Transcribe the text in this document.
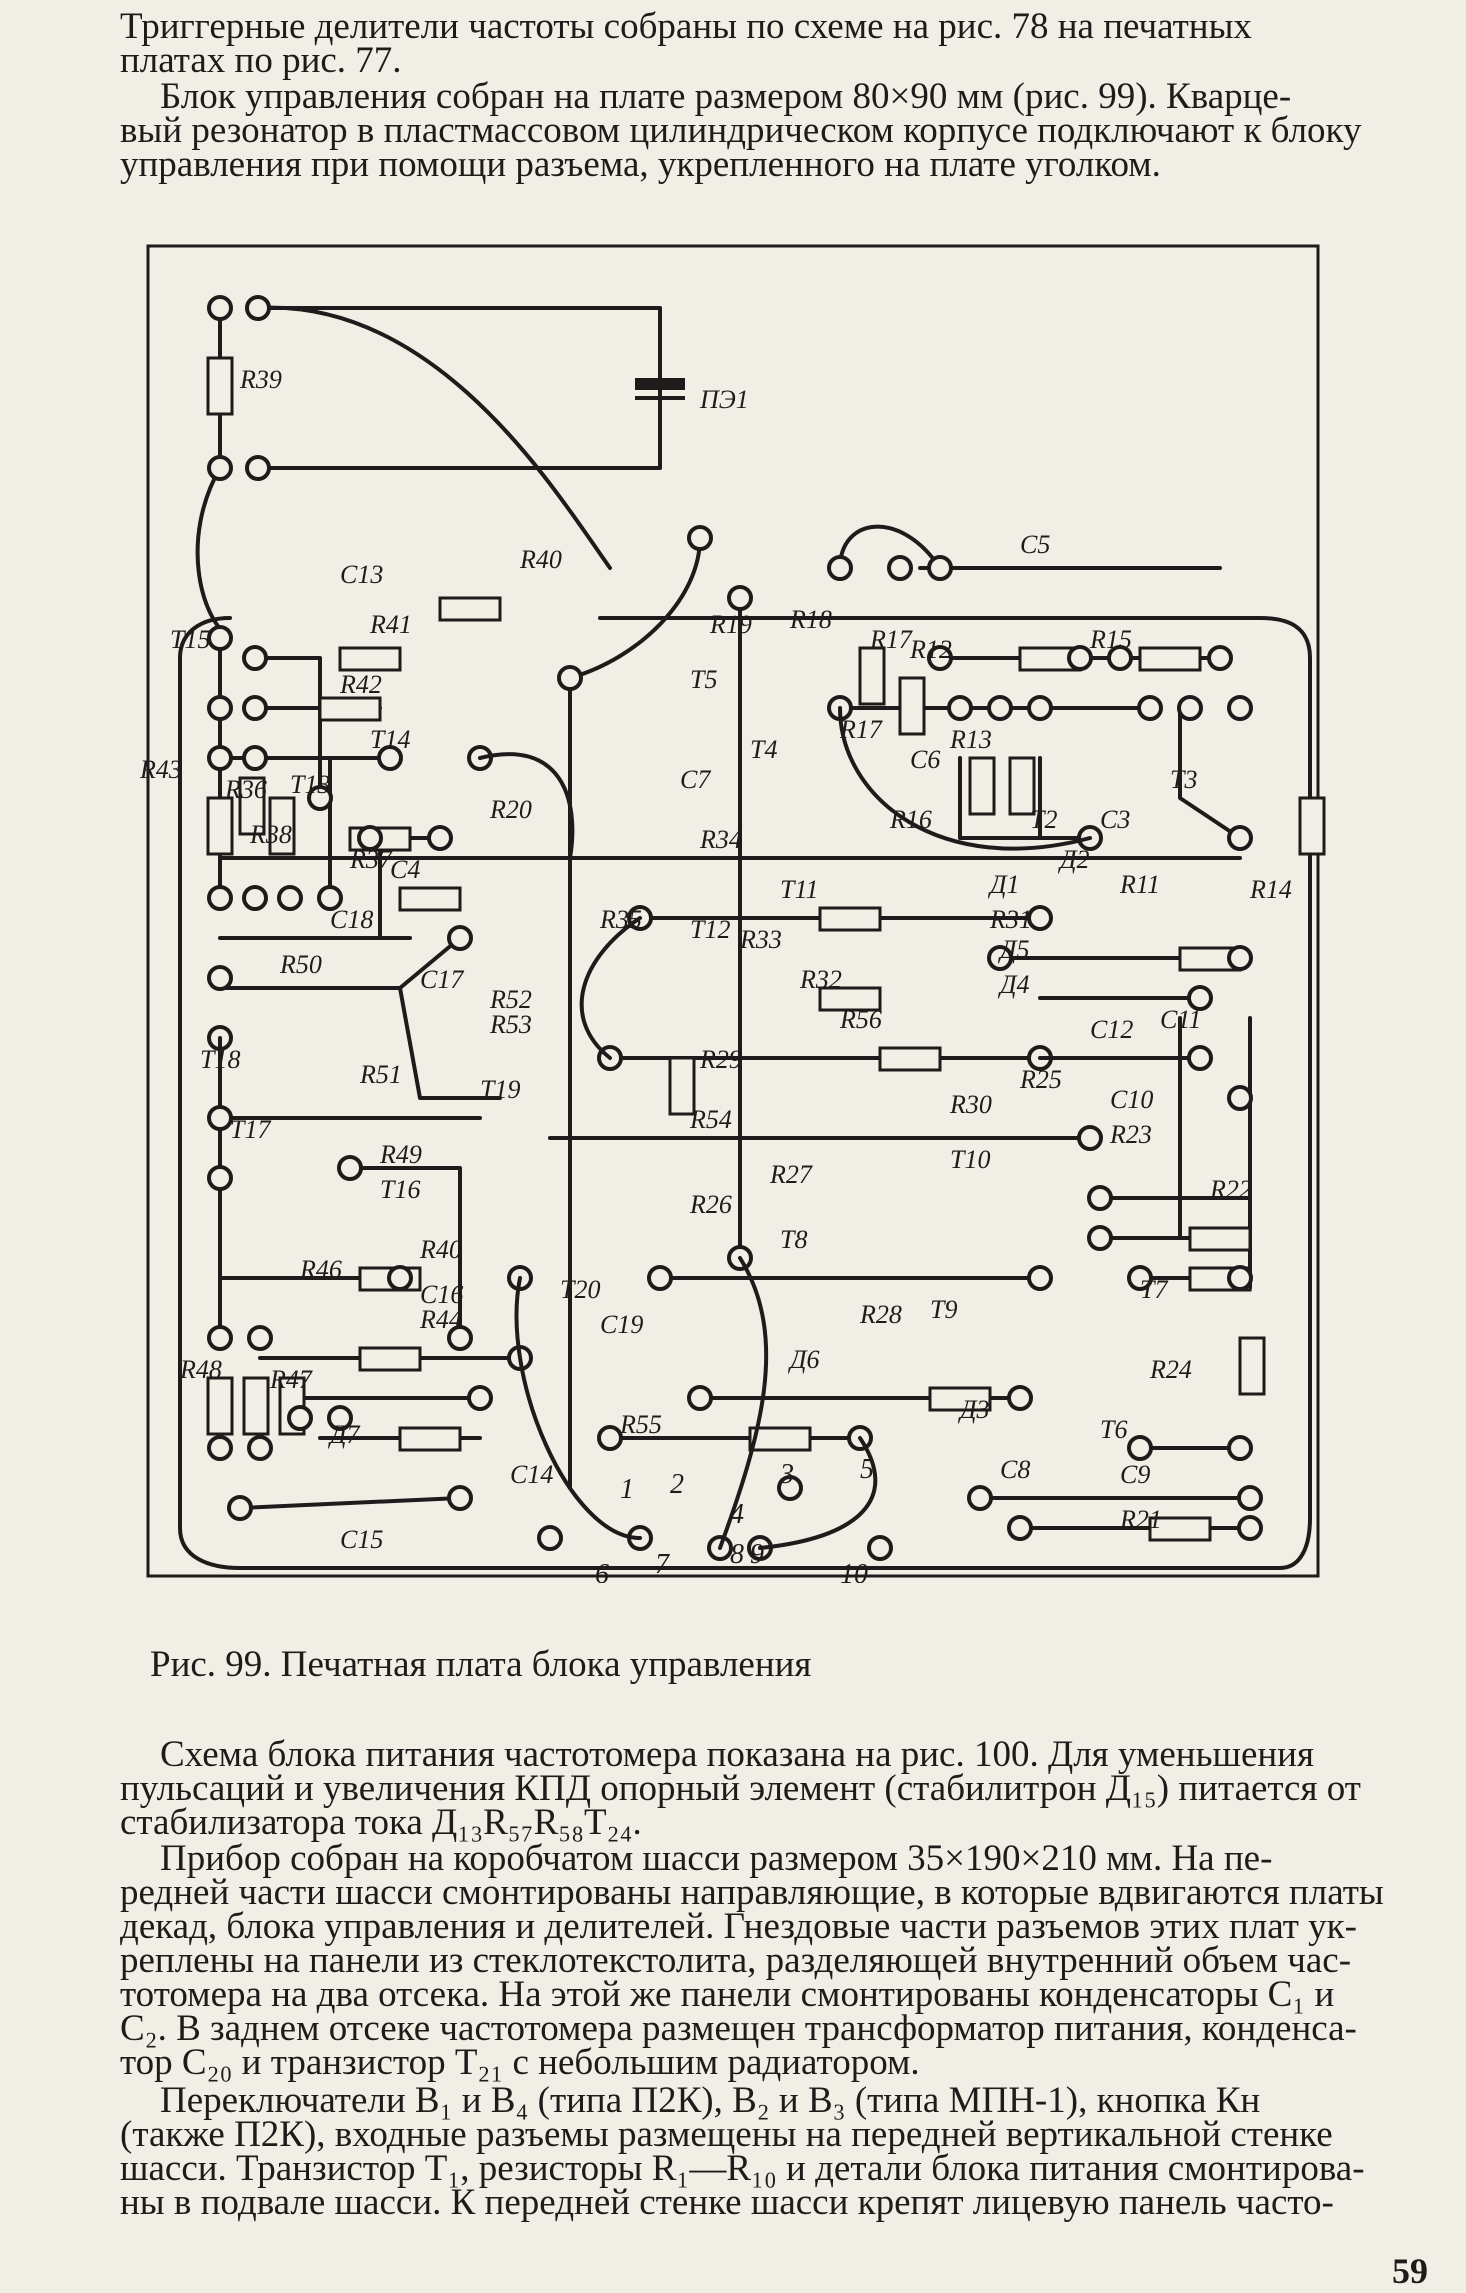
Триггерные делители частоты собраны по схеме на рис. 78 на печатных
платах по рис. 77.
Блок управления собран на плате размером 80×90 мм (рис. 99). Кварце-
вый резонатор в пластмассовом цилиндрическом корпусе подключают к блоку
управления при помощи разъема, укрепленного на плате уголком.
R39
ПЭ1
R40
C13
R41
R42
R43
R36
R38
R37
R20
C7
C4
C18
R50
C17
R52
R53
R51
R49
R48 R47
R46
R40
C16
R44
C15
C14
Д7
T15
T14
T13
T18
T17
T19
T16
T20
C5
R17
R12	R15
R19 R18
T5
T4
R17
R16
C6
R13
T2
T3
C3
Д2
R14
R34
R35
T11
T12 R33
R32
R56
Д1
R31
Д5
Д4
R11
C12 C11
R29
R54
R26
R27
T8
T10
R30
R25
C10
R23
R22
R28 T9
C19
R55
Д6
Д3
T7
R24
T6
C8	C9
R21
1 2	3
4
5
6 7 8 9
10
Рис. 99. Печатная плата блока управления
Схема блока питания частотомера показана на рис. 100. Для уменьшения
пульсаций и увеличения КПД опорный элемент (стабилитрон Д₁₅) питается от
стабилизатора тока Д₁₃R₅₇R₅₈T₂₄.
Прибор собран на коробчатом шасси размером 35×190×210 мм. На пе-
редней части шасси смонтированы направляющие, в которые вдвигаются платы
декад, блока управления и делителей. Гнездовые части разъемов этих плат ук-
реплены на панели из стеклотекстолита, разделяющей внутренний объем час-
тотомера на два отсека. На этой же панели смонтированы конденсаторы C₁ и
C₂. В заднем отсеке частотомера размещен трансформатор питания, конденса-
тор C₂₀ и транзистор T₂₁ с небольшим радиатором.
Переключатели B₁ и B₄ (типа П2К), B₂ и B₃ (типа МПН-1), кнопка Кн
(также П2К), входные разъемы размещены на передней вертикальной стенке
шасси. Транзистор T₁, резисторы R₁—R₁₀ и детали блока питания смонтирова-
ны в подвале шасси. К передней стенке шасси крепят лицевую панель часто-
59
